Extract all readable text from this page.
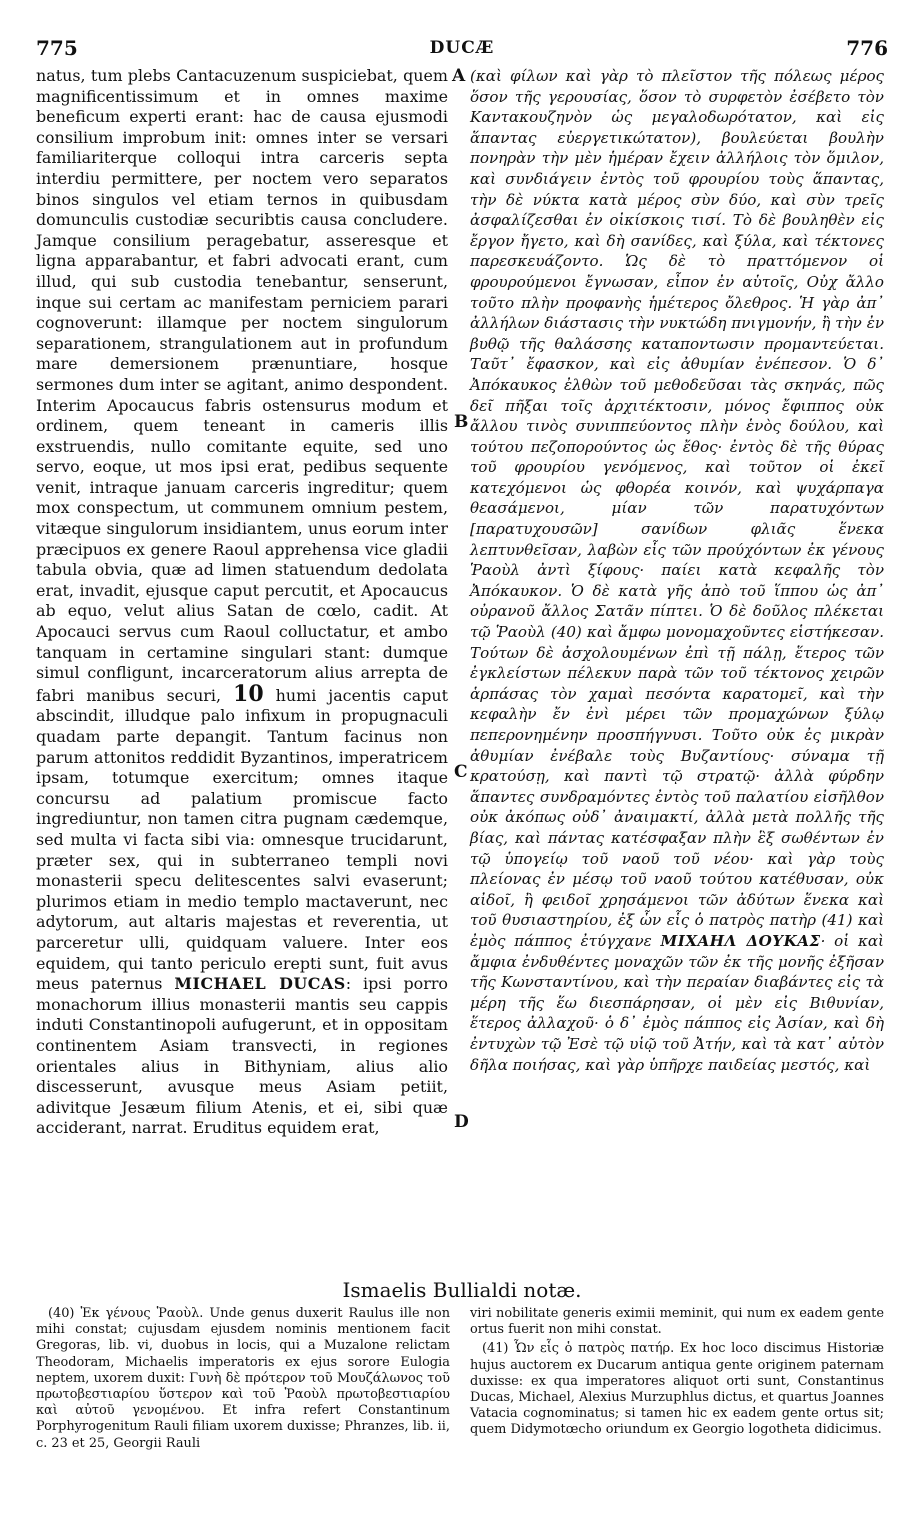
775	DUCÆ	776

natus, tum plebs Cantacuzenum suspiciebat, quem magnificentissimum et in omnes maxime beneficum experti erant: hac de causa ejusmodi consilium improbum init: omnes inter se versari familiariterque colloqui intra carceris septa interdiu permittere, per noctem vero separatos binos singulos vel etiam ternos in quibusdam domunculis custodiæ securibtis causa concludere. Jamque consilium peragebatur, asseresque et ligna apparabantur, et fabri advocati erant, cum illud, qui sub custodia tenebantur, senserunt, inque sui certam ac manifestam perniciem parari cognoverunt: illamque per noctem singulorum separationem, strangulationem aut in profundum mare demersionem prænuntiare, hosque sermones dum inter se agitant, animo despondent. Interim Apocaucus fabris ostensurus modum et ordinem, quem teneant in cameris illis exstruendis, nullo comitante equite, sed uno servo, eoque, ut mos ipsi erat, pedibus sequente venit, intraque januam carceris ingreditur; quem mox conspectum, ut communem omnium pestem, vitæque singulorum insidiantem, unus eorum inter præcipuos ex genere Raoul apprehensa vice gladii tabula obvia, quæ ad limen statuendum dedolata erat, invadit, ejusque caput percutit, et Apocaucus ab equo, velut alius Satan de cœlo, cadit. At Apocauci servus cum Raoul colluctatur, et ambo tanquam in certamine singulari stant: dumque simul confligunt, incarceratorum alius arrepta de fabri manibus securi, 10 humi jacentis caput abscindit, illudque palo infixum in propugnaculi quadam parte depangit. Tantum facinus non parum attonitos reddidit Byzantinos, imperatricem ipsam, totumque exercitum; omnes itaque concursu ad palatium promiscue facto ingrediuntur, non tamen citra pugnam cædemque, sed multa vi facta sibi via: omnesque trucidarunt, præter sex, qui in subterraneo templi novi monasterii specu delitescentes salvi evaserunt; plurimos etiam in medio templo mactaverunt, nec adytorum, aut altaris majestas et reverentia, ut parceretur ulli, quidquam valuere. Inter eos equidem, qui tanto periculo erepti sunt, fuit avus meus paternus MICHAEL DUCAS: ipsi porro monachorum illius monasterii mantis seu cappis induti Constantinopoli aufugerunt, et in oppositam continentem Asiam transvecti, in regiones orientales alius in Bithyniam, alius alio discesserunt, avusque meus Asiam petiit, adivitque Jesæum filium Atenis, et ei, sibi quæ acciderant, narrat. Eruditus equidem erat,

A
B
C
D

(καὶ φίλων καὶ γὰρ τὸ πλεῖστον τῆς πόλεως μέρος ὅσον τῆς γερουσίας, ὅσον τὸ συρφετὸν ἐσέβετο τὸν Καντακουζηνὸν ὡς μεγαλοδωρότατον, καὶ εἰς ἅπαντας εὐεργετικώτατον), βουλεύεται βουλὴν πονηρὰν τὴν μὲν ἡμέραν ἔχειν ἀλλήλοις τὸν ὅμιλον, καὶ συνδιάγειν ἐντὸς τοῦ φρουρίου τοὺς ἅπαντας, τὴν δὲ νύκτα κατὰ μέρος σὺν δύο, καὶ σὺν τρεῖς ἀσφαλίζεσθαι ἐν οἰκίσκοις τισί. Τὸ δὲ βουληθὲν εἰς ἔργον ἤγετο, καὶ δὴ σανίδες, καὶ ξύλα, καὶ τέκτονες παρεσκευάζοντο. Ὡς δὲ τὸ πραττόμενον οἱ φρουρούμενοι ἔγνωσαν, εἶπον ἐν αὑτοῖς, Οὐχ ἄλλο τοῦτο πλὴν προφανὴς ἡμέτερος ὄλεθρος. Ἡ γὰρ ἀπ᾽ ἀλλήλων διάστασις τὴν νυκτώδη πνιγμονήν, ἢ τὴν ἐν βυθῷ τῆς θαλάσσης καταποντωσιν προμαντεύεται. Ταῦτ᾽ ἔφασκον, καὶ εἰς ἀθυμίαν ἐνέπεσον. Ὁ δ᾽ Ἀπόκαυκος ἐλθὼν τοῦ μεθοδεῦσαι τὰς σκηνάς, πῶς δεῖ πῆξαι τοῖς ἀρχιτέκτοσιν, μόνος ἔφιππος οὐκ ἄλλου τινὸς συνιππεύοντος πλὴν ἑνὸς δούλου, καὶ τούτου πεζοπορούντος ὡς ἔθος· ἐντὸς δὲ τῆς θύρας τοῦ φρουρίου γενόμενος, καὶ τοῦτον οἱ ἐκεῖ κατεχόμενοι ὡς φθορέα κοινόν, καὶ ψυχάρπαγα θεασάμενοι, μίαν τῶν παρατυχόντων [παρατυχουσῶν] σανίδων φλιᾶς ἕνεκα λεπτυνθεῖσαν, λαβὼν εἷς τῶν προύχόντων ἐκ γένους Ῥαοὺλ ἀντὶ ξίφους· παίει κατὰ κεφαλῆς τὸν Ἀπόκαυκον. Ὁ δὲ κατὰ γῆς ἀπὸ τοῦ ἵππου ὡς ἀπ᾽ οὐρανοῦ ἄλλος Σατᾶν πίπτει. Ὁ δὲ δοῦλος πλέκεται τῷ Ῥαοὺλ (40) καὶ ἄμφω μονομαχοῦντες εἱστήκεσαν. Τούτων δὲ ἀσχολουμένων ἐπὶ τῇ πάλῃ, ἕτερος τῶν ἐγκλείστων πέλεκυν παρὰ τῶν τοῦ τέκτονος χειρῶν ἁρπάσας τὸν χαμαὶ πεσόντα καρατομεῖ, καὶ τὴν κεφαλὴν ἔν ἐνὶ μέρει τῶν προμαχώνων ξύλῳ πεπερονημένην προσπήγνυσι. Τοῦτο οὐκ ἐς μικρὰν ἀθυμίαν ἐνέβαλε τοὺς Βυζαντίους· σύναμα τῇ κρατούσῃ, καὶ παντὶ τῷ στρατῷ· ἀλλὰ φύρδην ἅπαντες συνδραμόντες ἐντὸς τοῦ παλατίου εἰσῆλθον οὐκ ἀκόπως οὐδ᾽ ἀναιμακτί, ἀλλὰ μετὰ πολλῆς τῆς βίας, καὶ πάντας κατέσφαξαν πλὴν ἓξ σωθέντων ἐν τῷ ὑπογείῳ τοῦ ναοῦ τοῦ νέου· καὶ γὰρ τοὺς πλείονας ἐν μέσῳ τοῦ ναοῦ τούτου κατέθυσαν, οὐκ αἰδοῖ, ἢ φειδοῖ χρησάμενοι τῶν ἀδύτων ἕνεκα καὶ τοῦ θυσιαστηρίου, ἐξ ὧν εἷς ὁ πατρὸς πατὴρ (41) καὶ ἐμὸς πάππος ἐτύγχανε ΜΙΧΑΗΛ ΔΟΥΚΑΣ· οἱ καὶ ἄμφια ἐνδυθέντες μοναχῶν τῶν ἐκ τῆς μονῆς ἐξῆσαν τῆς Κωνσταντίνου, καὶ τὴν περαίαν διαβάντες εἰς τὰ μέρη τῆς ἕω διεσπάρησαν, οἱ μὲν εἰς Βιθυνίαν, ἕτερος ἀλλαχοῦ· ὁ δ᾽ ἐμὸς πάππος εἰς Ἀσίαν, καὶ δὴ ἐντυχὼν τῷ Ἐσὲ τῷ υἱῷ τοῦ Ἀτήν, καὶ τὰ κατ᾽ αὐτὸν δῆλα ποιήσας, καὶ γὰρ ὑπῆρχε παιδείας μεστός, καὶ

Ismaelis Bullialdi notæ.

(40) Ἐκ γένους Ῥαοὺλ. Unde genus duxerit Raulus ille non mihi constat; cujusdam ejusdem nominis mentionem facit Gregoras, lib. vi, duobus in locis, qui a Muzalone relictam Theodoram, Michaelis imperatoris ex ejus sorore Eulogia neptem, uxorem duxit: Γυνὴ δὲ πρότερον τοῦ Μουζάλωνος τοῦ πρωτοβεστιαρίου ὕστερον καὶ τοῦ Ῥαοὺλ πρωτοβεστιαρίου καὶ αὐτοῦ γενομένου. Et infra refert Constantinum Porphyrogenitum Rauli filiam uxorem duxisse; Phranzes, lib. ii, c. 23 et 25, Georgii Rauli

viri nobilitate generis eximii meminit, qui num ex eadem gente ortus fuerit non mihi constat.

(41) Ὧν εἷς ὁ πατρὸς πατήρ. Ex hoc loco discimus Historiæ hujus auctorem ex Ducarum antiqua gente originem paternam duxisse: ex qua imperatores aliquot orti sunt, Constantinus Ducas, Michael, Alexius Murzuphlus dictus, et quartus Joannes Vatacia cognominatus; si tamen hic ex eadem gente ortus sit; quem Didymotœcho oriundum ex Georgio logotheta didicimus.
